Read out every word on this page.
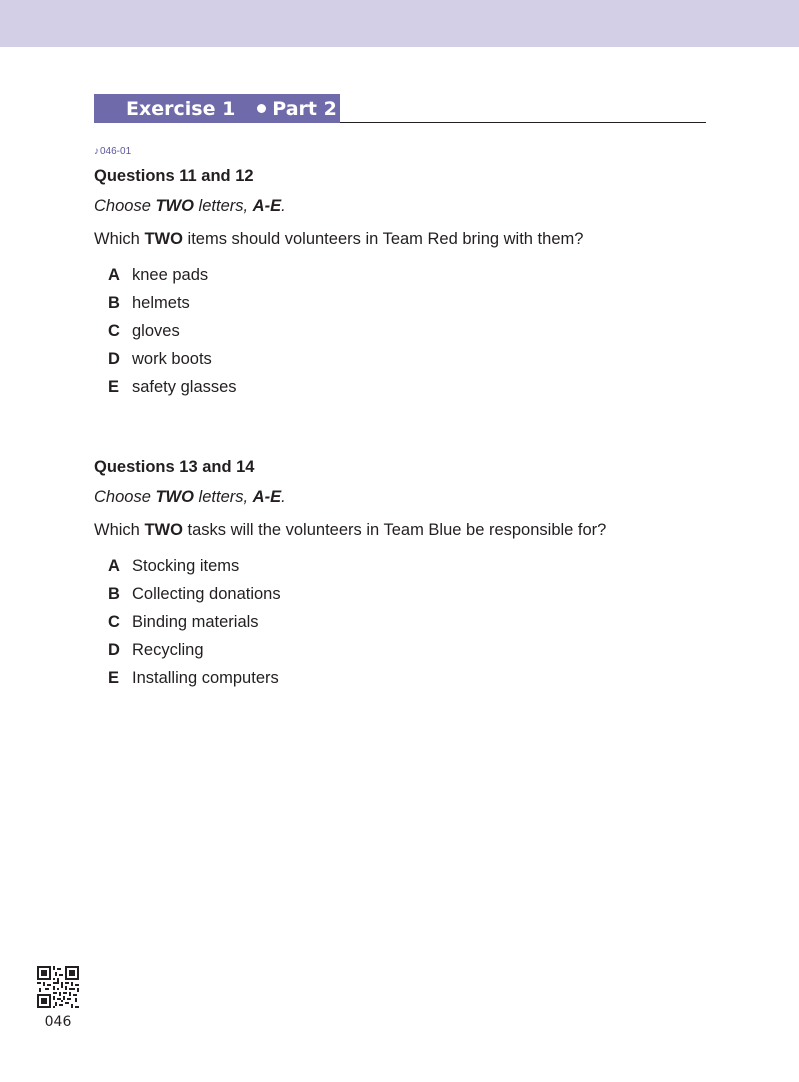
Exercise 1 Part 2
♪ 046-01
Questions 11 and 12
Choose TWO letters, A-E.
Which TWO items should volunteers in Team Red bring with them?
A knee pads
B helmets
C gloves
D work boots
E safety glasses
Questions 13 and 14
Choose TWO letters, A-E.
Which TWO tasks will the volunteers in Team Blue be responsible for?
A Stocking items
B Collecting donations
C Binding materials
D Recycling
E Installing computers
046
